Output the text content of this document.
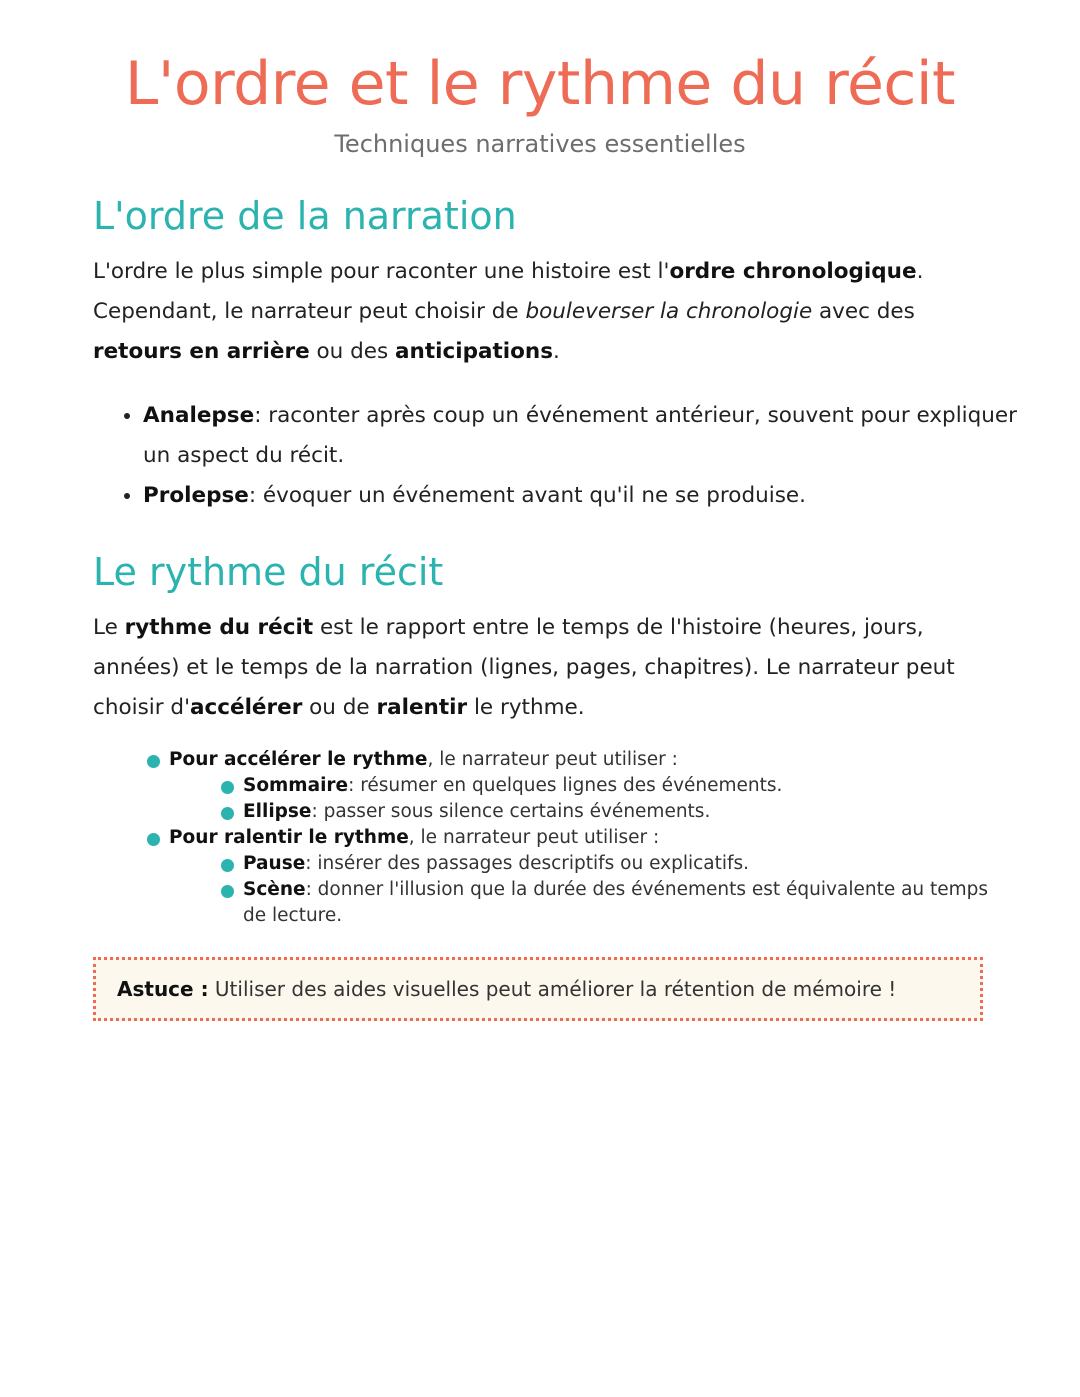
L'ordre et le rythme du récit
Techniques narratives essentielles
L'ordre de la narration

L'ordre le plus simple pour raconter une histoire est l'ordre chronologique. Cependant, le narrateur peut choisir de bouleverser la chronologie avec des retours en arrière ou des anticipations.

• Analepse: raconter après coup un événement antérieur, souvent pour expliquer un aspect du récit.
• Prolepse: évoquer un événement avant qu'il ne se produise.
Le rythme du récit

Le rythme du récit est le rapport entre le temps de l'histoire (heures, jours, années) et le temps de la narration (lignes, pages, chapitres). Le narrateur peut choisir d'accélérer ou de ralentir le rythme.

Pour accélérer le rythme, le narrateur peut utiliser :
Sommaire: résumer en quelques lignes des événements.
Ellipse: passer sous silence certains événements.
Pour ralentir le rythme, le narrateur peut utiliser :
Pause: insérer des passages descriptifs ou explicatifs.
Scène: donner l'illusion que la durée des événements est équivalente au temps de lecture.
Astuce : Utiliser des aides visuelles peut améliorer la rétention de mémoire !
